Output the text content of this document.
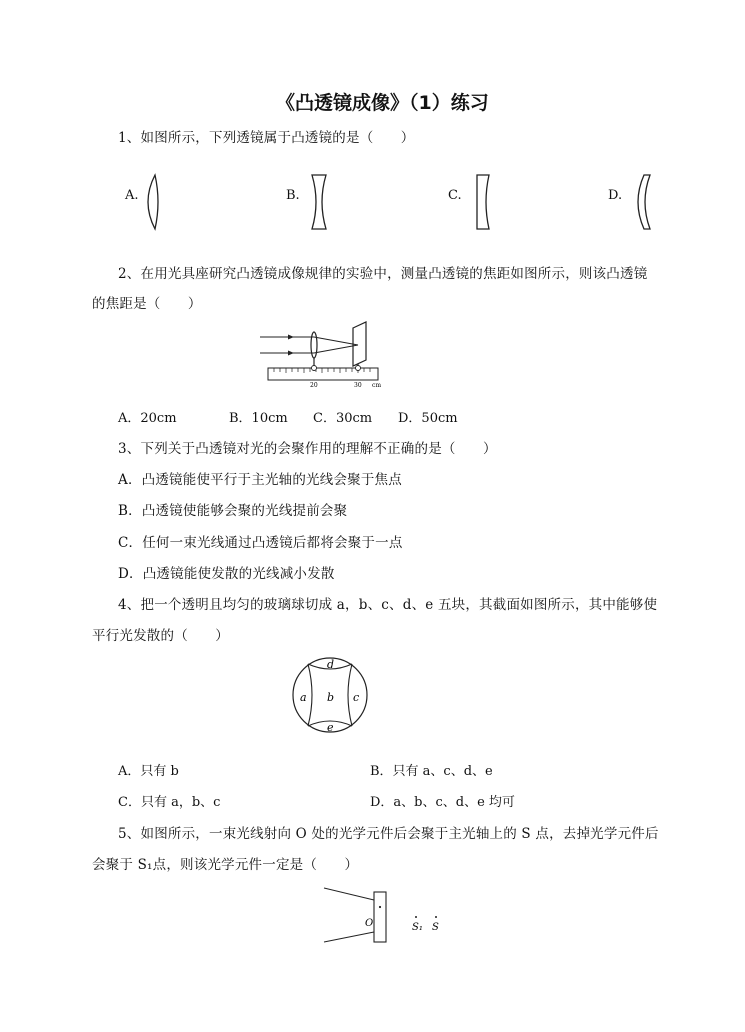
《凸透镜成像》（1）练习
1、如图所示，下列透镜属于凸透镜的是（　　）
A.	B.	C.	D.
2、在用光具座研究凸透镜成像规律的实验中，测量凸透镜的焦距如图所示，则该凸透镜
的焦距是（　　）
20	30 cm
A．20cm	B．10cm C．30cm D．50cm
3、下列关于凸透镜对光的会聚作用的理解不正确的是（　　）
A．凸透镜能使平行于主光轴的光线会聚于焦点
B．凸透镜使能够会聚的光线提前会聚
C．任何一束光线通过凸透镜后都将会聚于一点
D．凸透镜能使发散的光线减小发散
4、把一个透明且均匀的玻璃球切成 a，b、c、d、e 五块，其截面如图所示，其中能够使
平行光发散的（　　）
a b c
d
e
A．只有 b	B．只有 a、c、d、e
C．只有 a，b、c	D．a、b、c、d、e 均可
5、如图所示，一束光线射向 O 处的光学元件后会聚于主光轴上的 S 点，去掉光学元件后
会聚于 S₁点，则该光学元件一定是（　　）
O	S₁ S
